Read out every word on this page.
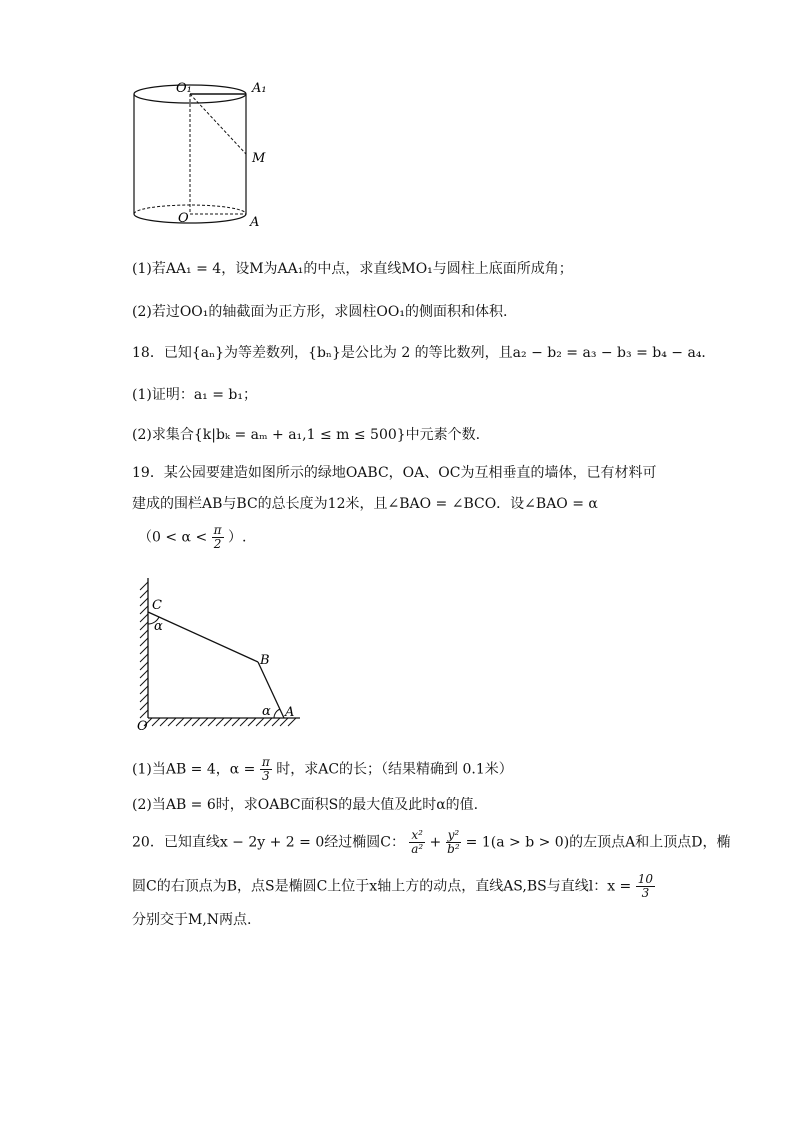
O₁	A₁
M
O	A
(1)若AA₁ = 4，设M为AA₁的中点，求直线MO₁与圆柱上底面所成角；
(2)若过OO₁的轴截面为正方形，求圆柱OO₁的侧面积和体积.
18．已知{aₙ}为等差数列，{bₙ}是公比为 2 的等比数列，且a₂ − b₂ = a₃ − b₃ = b₄ − a₄．
(1)证明：a₁ = b₁；
(2)求集合{k|bₖ = aₘ + a₁,1 ≤ m ≤ 500}中元素个数.
19．某公园要建造如图所示的绿地OABC，OA、OC为互相垂直的墙体，已有材料可
建成的围栏AB与BC的总长度为12米，且∠BAO = ∠BCO．设∠BAO = α
（$0 < \alpha < \frac{\pi}{2}$ ）.
C
α
B
α A
O
(1)当AB = 4，$\alpha = \frac{\pi}{3}$ 时，求AC的长；（结果精确到 0.1米）
(2)当AB = 6时，求OABC面积S的最大值及此时α的值.
20．已知直线x − 2y + 2 = 0经过椭圆C： $\frac{\text{x²}}{\text{a²}} + \frac{\text{y²}}{\text{b²}} = 1(a > b > 0)$的左顶点A和上顶点D，椭
圆C的右顶点为B，点S是椭圆C上位于x轴上方的动点，直线AS,BS与直线l：$x = \frac{10}{3}$
分别交于M,N两点.
